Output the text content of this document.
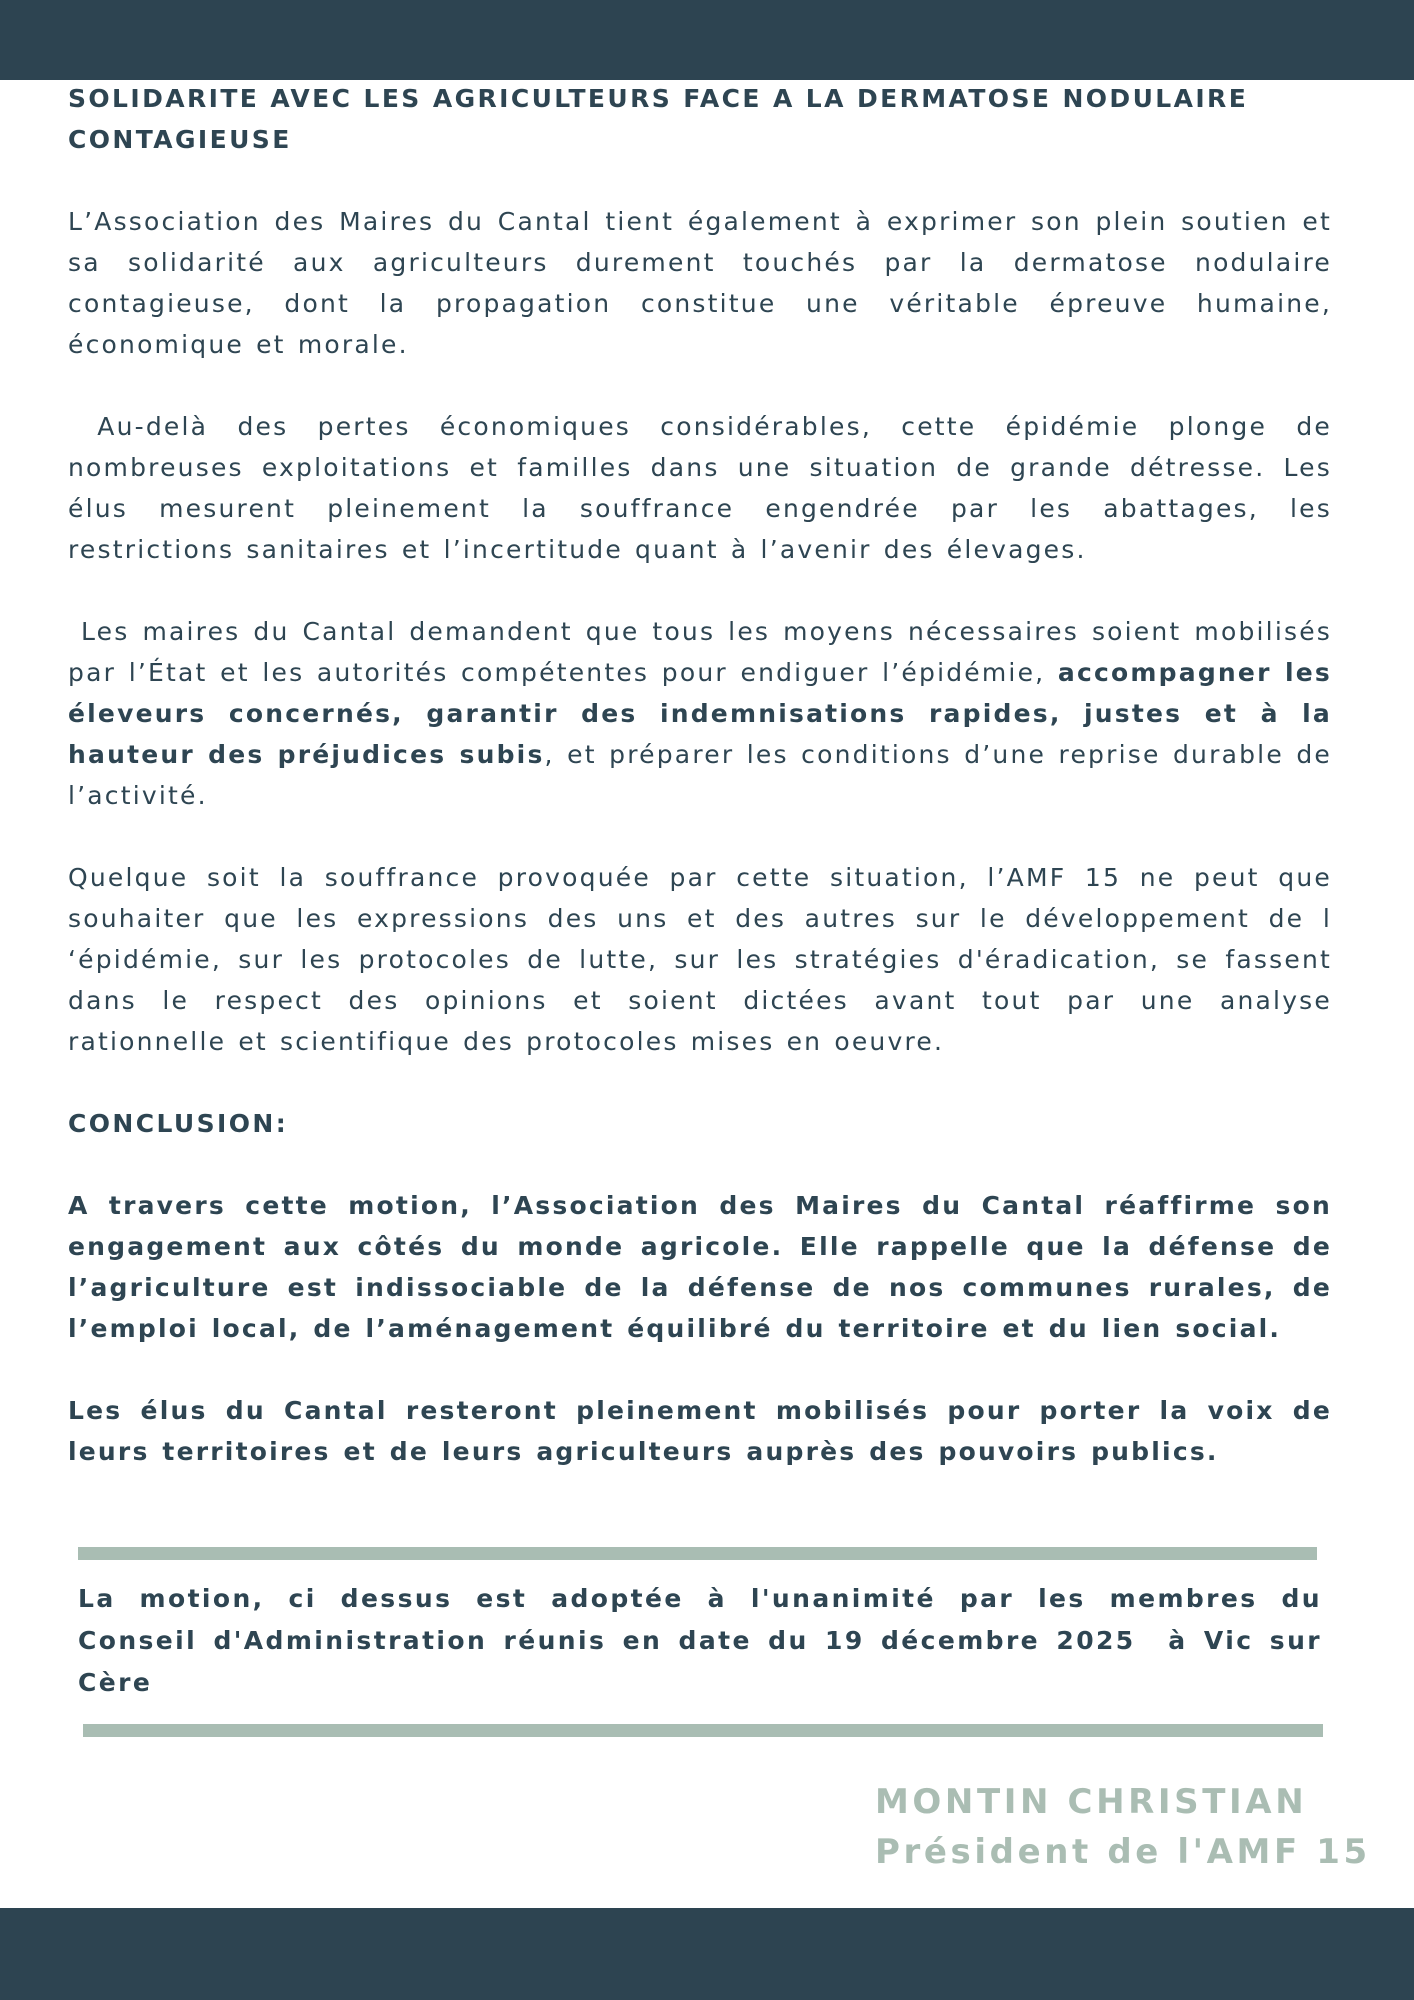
SOLIDARITE AVEC LES AGRICULTEURS FACE A LA DERMATOSE NODULAIRE
CONTAGIEUSE

L’Association des Maires du Cantal tient également à exprimer son plein soutien et sa solidarité aux agriculteurs durement touchés par la dermatose nodulaire contagieuse, dont la propagation constitue une véritable épreuve humaine, économique et morale.

Au-delà des pertes économiques considérables, cette épidémie plonge de nombreuses exploitations et familles dans une situation de grande détresse. Les élus mesurent pleinement la souffrance engendrée par les abattages, les restrictions sanitaires et l’incertitude quant à l’avenir des élevages.

Les maires du Cantal demandent que tous les moyens nécessaires soient mobilisés par l’État et les autorités compétentes pour endiguer l’épidémie, accompagner les éleveurs concernés, garantir des indemnisations rapides, justes et à la hauteur des préjudices subis, et préparer les conditions d’une reprise durable de l’activité.

Quelque soit la souffrance provoquée par cette situation, l’AMF 15 ne peut que souhaiter que les expressions des uns et des autres sur le développement de l ‘épidémie, sur les protocoles de lutte, sur les stratégies d'éradication, se fassent dans le respect des opinions et soient dictées avant tout par une analyse rationnelle et scientifique des protocoles mises en oeuvre.

CONCLUSION:

A travers cette motion, l’Association des Maires du Cantal réaffirme son engagement aux côtés du monde agricole. Elle rappelle que la défense de l’agriculture est indissociable de la défense de nos communes rurales, de l’emploi local, de l’aménagement équilibré du territoire et du lien social.

Les élus du Cantal resteront pleinement mobilisés pour porter la voix de leurs territoires et de leurs agriculteurs auprès des pouvoirs publics.

La motion, ci dessus est adoptée à l'unanimité par les membres du Conseil d'Administration réunis en date du 19 décembre 2025  à Vic sur Cère

MONTIN CHRISTIAN
Président de l'AMF 15
